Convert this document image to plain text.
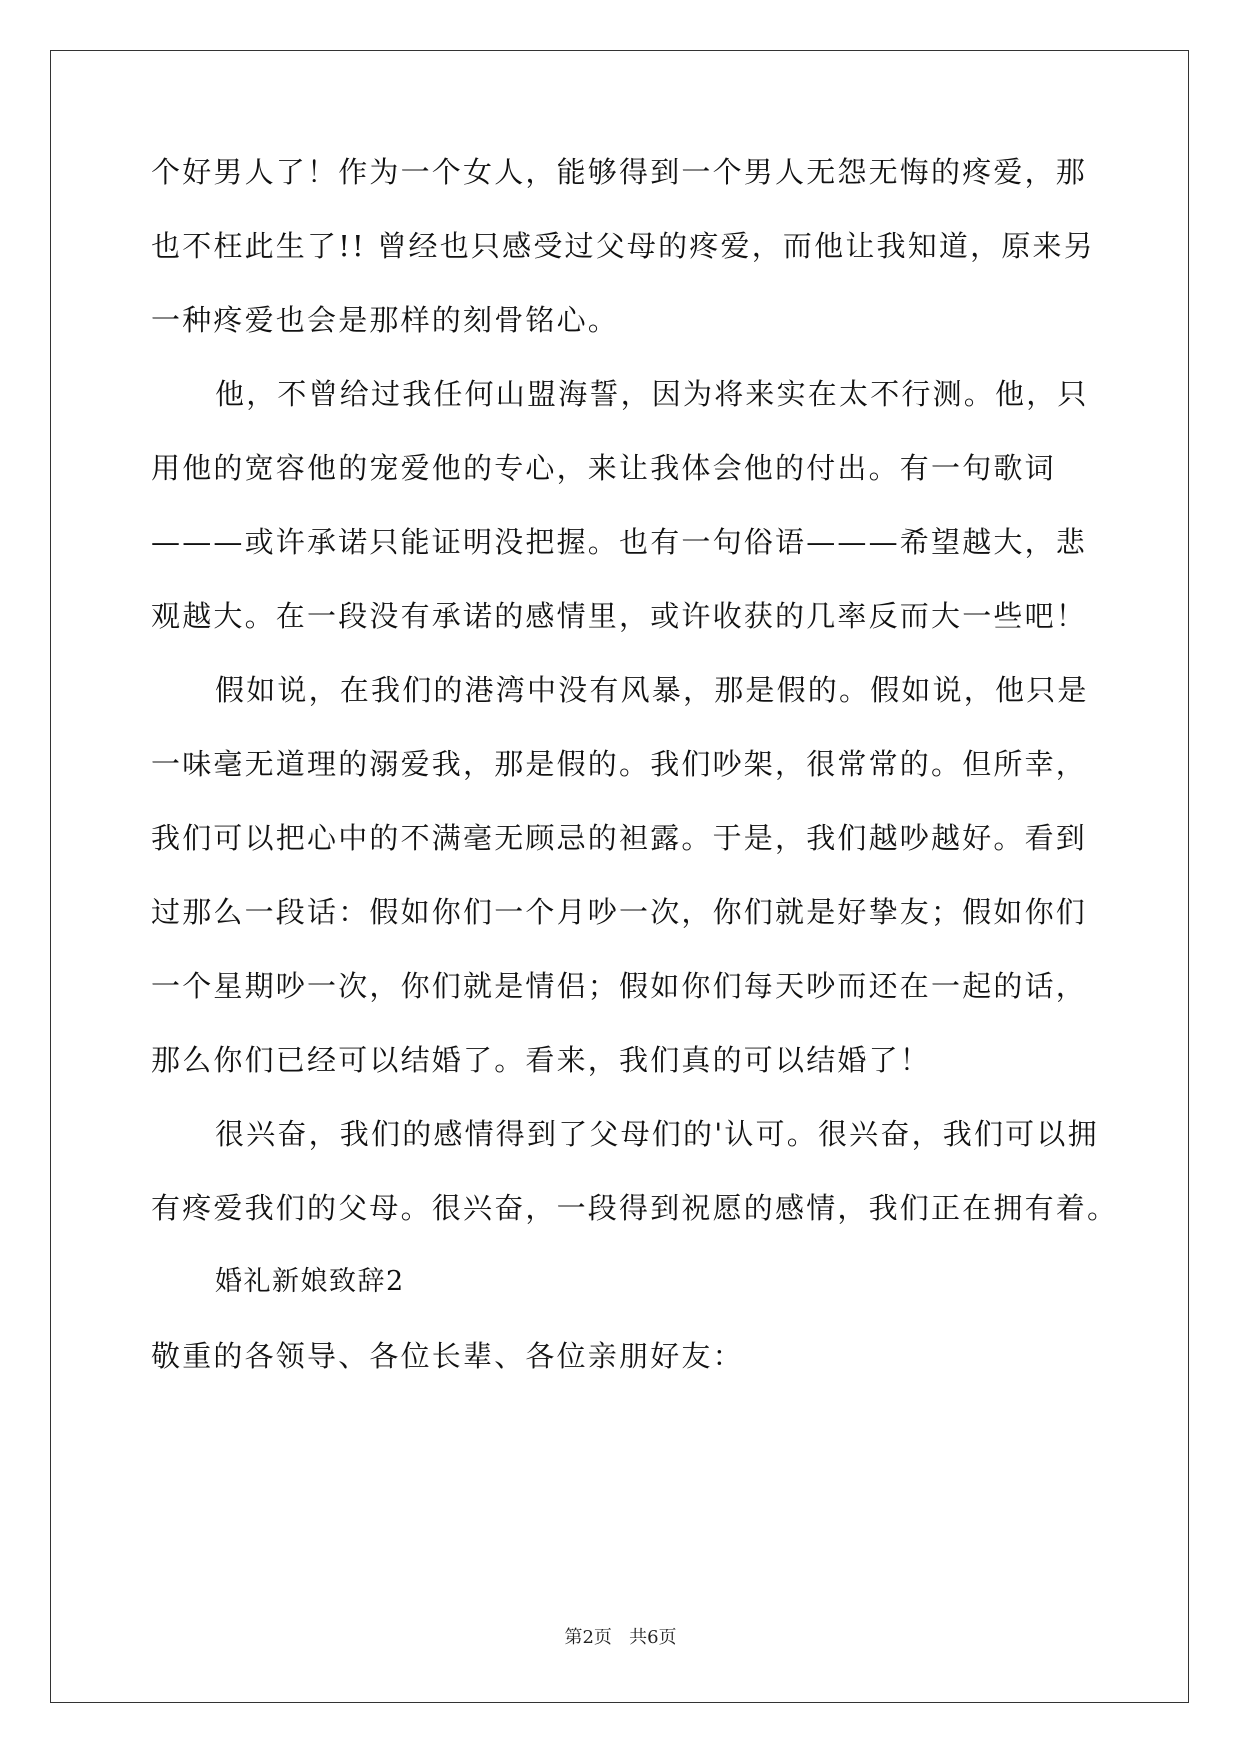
个好男人了！作为一个女人，能够得到一个男人无怨无悔的疼爱，那
也不枉此生了!! 曾经也只感受过父母的疼爱，而他让我知道，原来另
一种疼爱也会是那样的刻骨铭心。
他，不曾给过我任何山盟海誓，因为将来实在太不行测。他，只
用他的宽容他的宠爱他的专心，来让我体会他的付出。有一句歌词
———或许承诺只能证明没把握。也有一句俗语———希望越大，悲
观越大。在一段没有承诺的感情里，或许收获的几率反而大一些吧！
假如说，在我们的港湾中没有风暴，那是假的。假如说，他只是
一味毫无道理的溺爱我，那是假的。我们吵架，很常常的。但所幸，
我们可以把心中的不满毫无顾忌的袒露。于是，我们越吵越好。看到
过那么一段话：假如你们一个月吵一次，你们就是好挚友；假如你们
一个星期吵一次，你们就是情侣；假如你们每天吵而还在一起的话，
那么你们已经可以结婚了。看来，我们真的可以结婚了！
很兴奋，我们的感情得到了父母们的'认可。很兴奋，我们可以拥
有疼爱我们的父母。很兴奋，一段得到祝愿的感情，我们正在拥有着。
婚礼新娘致辞2
敬重的各领导、各位长辈、各位亲朋好友：
第2页   共6页
